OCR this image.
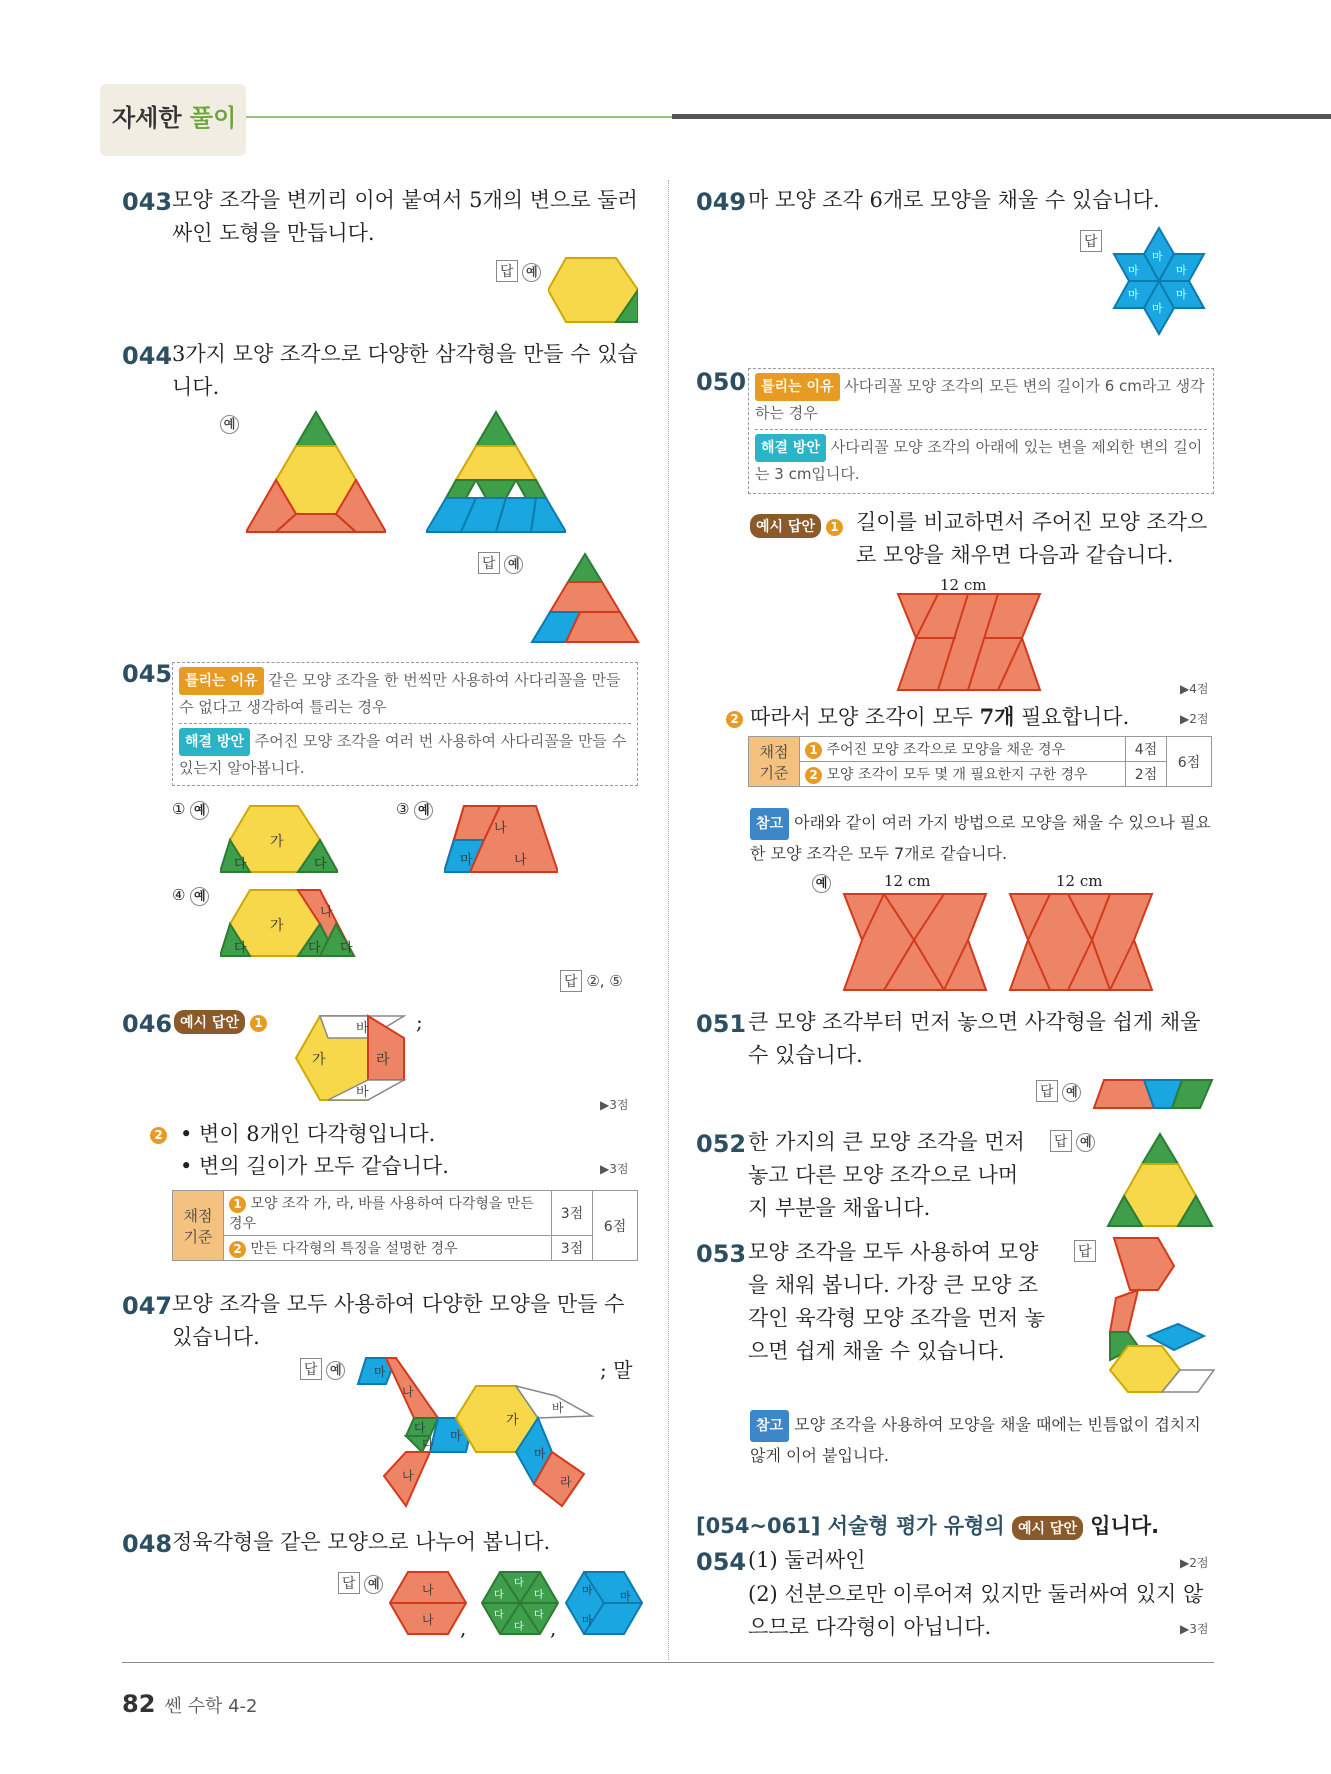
자세한 풀이
043 모양 조각을 변끼리 이어 붙여서 5개의 변으로 둘러싸인 도형을 만듭니다.
답 예
044 3가지 모양 조각으로 다양한 삼각형을 만들 수 있습니다.
예
답 예
045 틀리는 이유 같은 모양 조각을 한 번씩만 사용하여 사다리꼴을 만들 수 없다고 생각하여 틀리는 경우

해결 방안 주어진 모양 조각을 여러 번 사용하여 사다리꼴을 만들 수 있는지 알아봅니다.
① 예
가
다	다
③ 예
나
마	나
④ 예
가
나
다	다 다
답 ②, ⑤
046 예시 답안 1
가	라
바
바
;
▶3점
2 • 변이 8개인 다각형입니다.
• 변의 길이가 모두 같습니다.	▶3점
채점 기준	1 모양 조각 가, 라, 바를 사용하여 다각형을 만든 경우	3점	6점
	2 만든 다각형의 특징을 설명한 경우	3점	
047 모양 조각을 모두 사용하여 다양한 모양을 만들 수 있습니다.
답 예	마
나
다
다
마
가
바
마
라
나
; 말
048 정육각형을 같은 모양으로 나누어 봅니다.
답 예	나
나 ,
다
다	다
다	다
다 ,
마 마
마
049 마 모양 조각 6개로 모양을 채울 수 있습니다.
답
마
마	마
마	마
마
050	틀리는 이유 사다리꼴 모양 조각의 모든 변의 길이가 6 cm라고 생각하는 경우

해결 방안 사다리꼴 모양 조각의 아래에 있는 변을 제외한 변의 길이는 3 cm입니다.
예시 답안 1 길이를 비교하면서 주어진 모양 조각으로 모양을 채우면 다음과 같습니다.
12 cm
▶4점
2 따라서 모양 조각이 모두 7개 필요합니다.	▶2점
채점 기준	1 주어진 모양 조각으로 모양을 채운 경우	4점	6점
	2 모양 조각이 모두 몇 개 필요한지 구한 경우	2점	
참고 아래와 같이 여러 가지 방법으로 모양을 채울 수 있으나 필요한 모양 조각은 모두 7개로 같습니다.
예	12 cm	12 cm
051 큰 모양 조각부터 먼저 놓으면 사각형을 쉽게 채울 수 있습니다.
답 예
052 한 가지의 큰 모양 조각을 먼저 놓고 다른 모양 조각으로 나머지 부분을 채웁니다.
답 예
053 모양 조각을 모두 사용하여 모양을 채워 봅니다. 가장 큰 모양 조각인 육각형 모양 조각을 먼저 놓으면 쉽게 채울 수 있습니다.
답
참고 모양 조각을 사용하여 모양을 채울 때에는 빈틈없이 겹치지 않게 이어 붙입니다.
[054~061] 서술형 평가 유형의 예시 답안 입니다.
054 (1) 둘러싸인	▶2점
(2) 선분으로만 이루어져 있지만 둘러싸여 있지 않으므로 다각형이 아닙니다.	▶3점
82 쎈 수학 4-2
